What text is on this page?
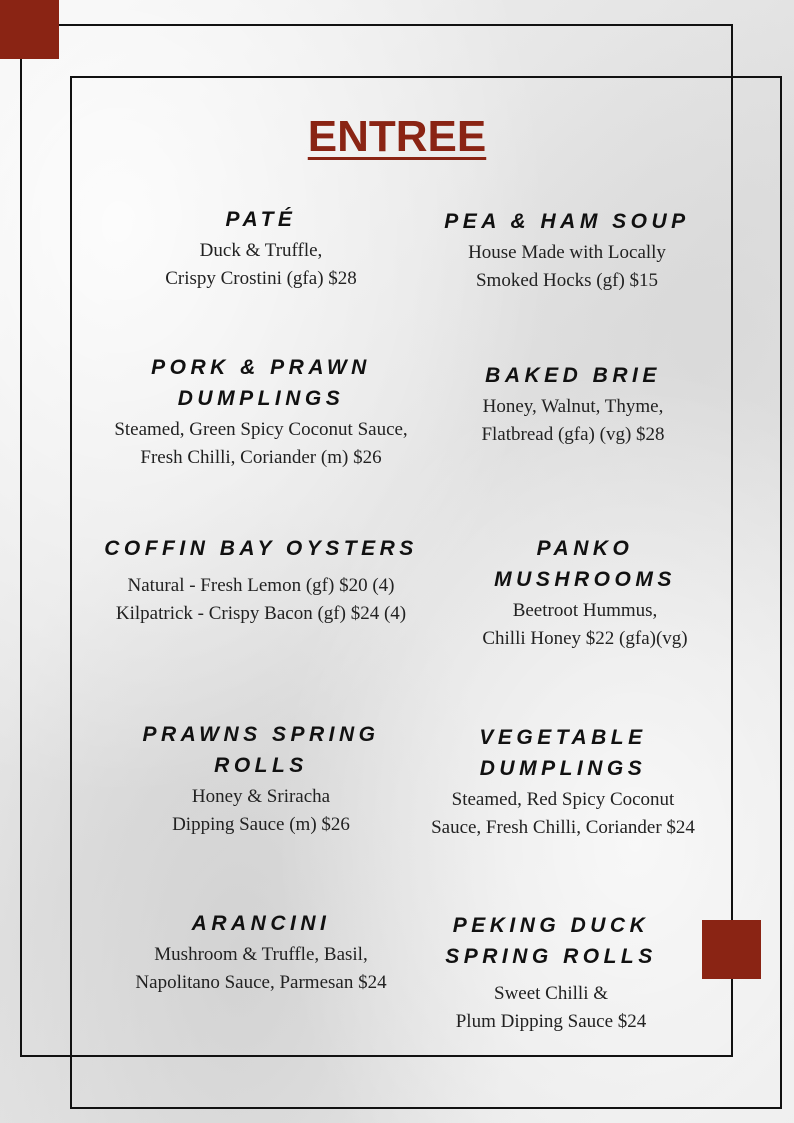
ENTREE
PATÉ
Duck & Truffle,
Crispy Crostini (gfa) $28
PORK & PRAWN
DUMPLINGS
Steamed, Green Spicy Coconut Sauce,
Fresh Chilli, Coriander (m) $26
COFFIN BAY OYSTERS
Natural - Fresh Lemon (gf) $20 (4)
Kilpatrick - Crispy Bacon (gf) $24 (4)
PRAWNS SPRING
ROLLS
Honey & Sriracha
Dipping Sauce (m) $26
ARANCINI
Mushroom & Truffle, Basil,
Napolitano Sauce, Parmesan $24
PEA & HAM SOUP
House Made with Locally
Smoked Hocks (gf) $15
BAKED BRIE
Honey, Walnut, Thyme,
Flatbread (gfa) (vg) $28
PANKO
MUSHROOMS
Beetroot Hummus,
Chilli Honey $22 (gfa)(vg)
VEGETABLE
DUMPLINGS
Steamed, Red Spicy Coconut
Sauce, Fresh Chilli, Coriander $24
PEKING DUCK
SPRING ROLLS
Sweet Chilli &
Plum Dipping Sauce $24
